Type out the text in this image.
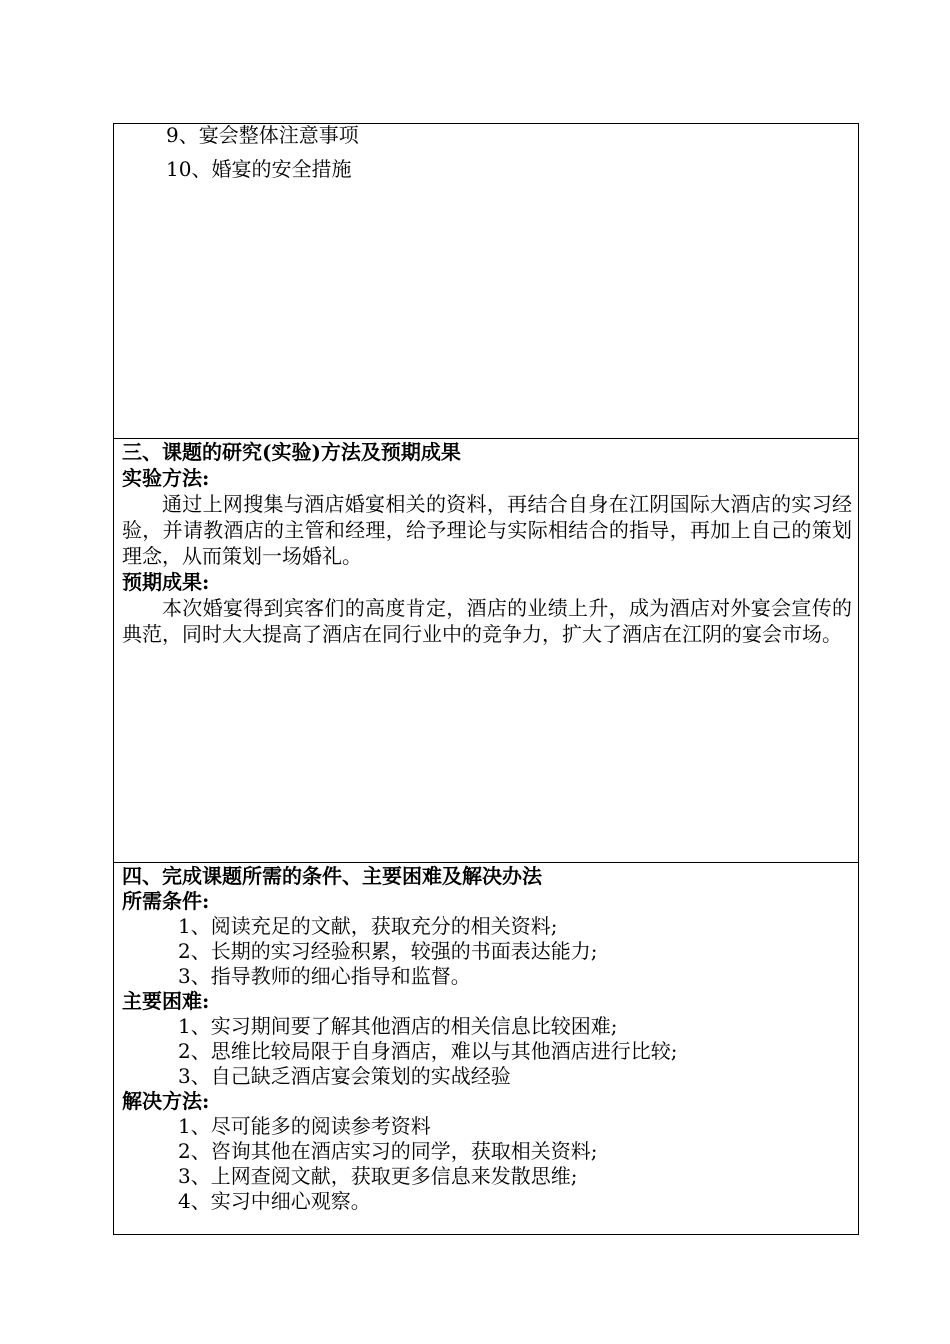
9、宴会整体注意事项
10、婚宴的安全措施
三、课题的研究(实验)方法及预期成果
实验方法:
通过上网搜集与酒店婚宴相关的资料，再结合自身在江阴国际大酒店的实习经验，并请教酒店的主管和经理，给予理论与实际相结合的指导，再加上自己的策划理念，从而策划一场婚礼。
预期成果:
本次婚宴得到宾客们的高度肯定，酒店的业绩上升，成为酒店对外宴会宣传的典范，同时大大提高了酒店在同行业中的竞争力，扩大了酒店在江阴的宴会市场。
四、完成课题所需的条件、主要困难及解决办法
所需条件:
1、阅读充足的文献，获取充分的相关资料;
2、长期的实习经验积累，较强的书面表达能力;
3、指导教师的细心指导和监督。
主要困难:
1、实习期间要了解其他酒店的相关信息比较困难;
2、思维比较局限于自身酒店，难以与其他酒店进行比较;
3、自己缺乏酒店宴会策划的实战经验
解决方法:
1、尽可能多的阅读参考资料
2、咨询其他在酒店实习的同学，获取相关资料;
3、上网查阅文献，获取更多信息来发散思维;
4、实习中细心观察。
